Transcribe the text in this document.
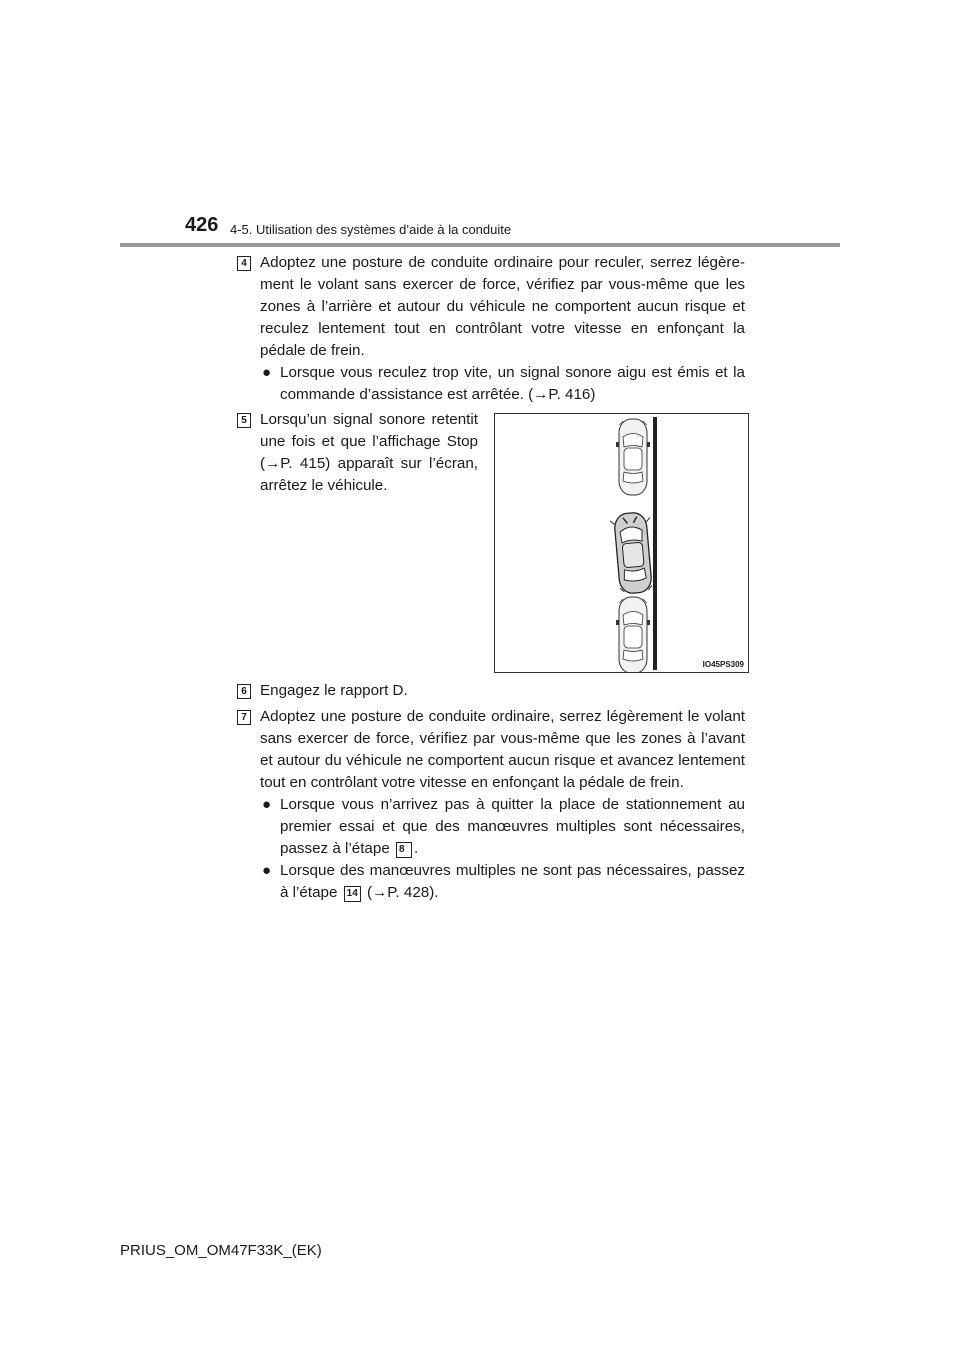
426 4-5. Utilisation des systèmes d’aide à la conduite
4 Adoptez une posture de conduite ordinaire pour reculer, serrez légère-ment le volant sans exercer de force, vérifiez par vous-même que les zones à l’arrière et autour du véhicule ne comportent aucun risque et reculez lentement tout en contrôlant votre vitesse en enfonçant la pédale de frein.
● Lorsque vous reculez trop vite, un signal sonore aigu est émis et la commande d’assistance est arrêtée. (→P. 416)
5 Lorsqu’un signal sonore retentit une fois et que l’affichage Stop (→P. 415) apparaît sur l’écran, arrêtez le véhicule.
IO45PS309
6 Engagez le rapport D.
7 Adoptez une posture de conduite ordinaire, serrez légèrement le volant sans exercer de force, vérifiez par vous-même que les zones à l’avant et autour du véhicule ne comportent aucun risque et avancez lentement tout en contrôlant votre vitesse en enfonçant la pédale de frein.
● Lorsque vous n’arrivez pas à quitter la place de stationnement au premier essai et que des manœuvres multiples sont nécessaires, passez à l’étape 8 .
● Lorsque des manœuvres multiples ne sont pas nécessaires, passez à l’étape 14 (→P. 428).
PRIUS_OM_OM47F33K_(EK)
